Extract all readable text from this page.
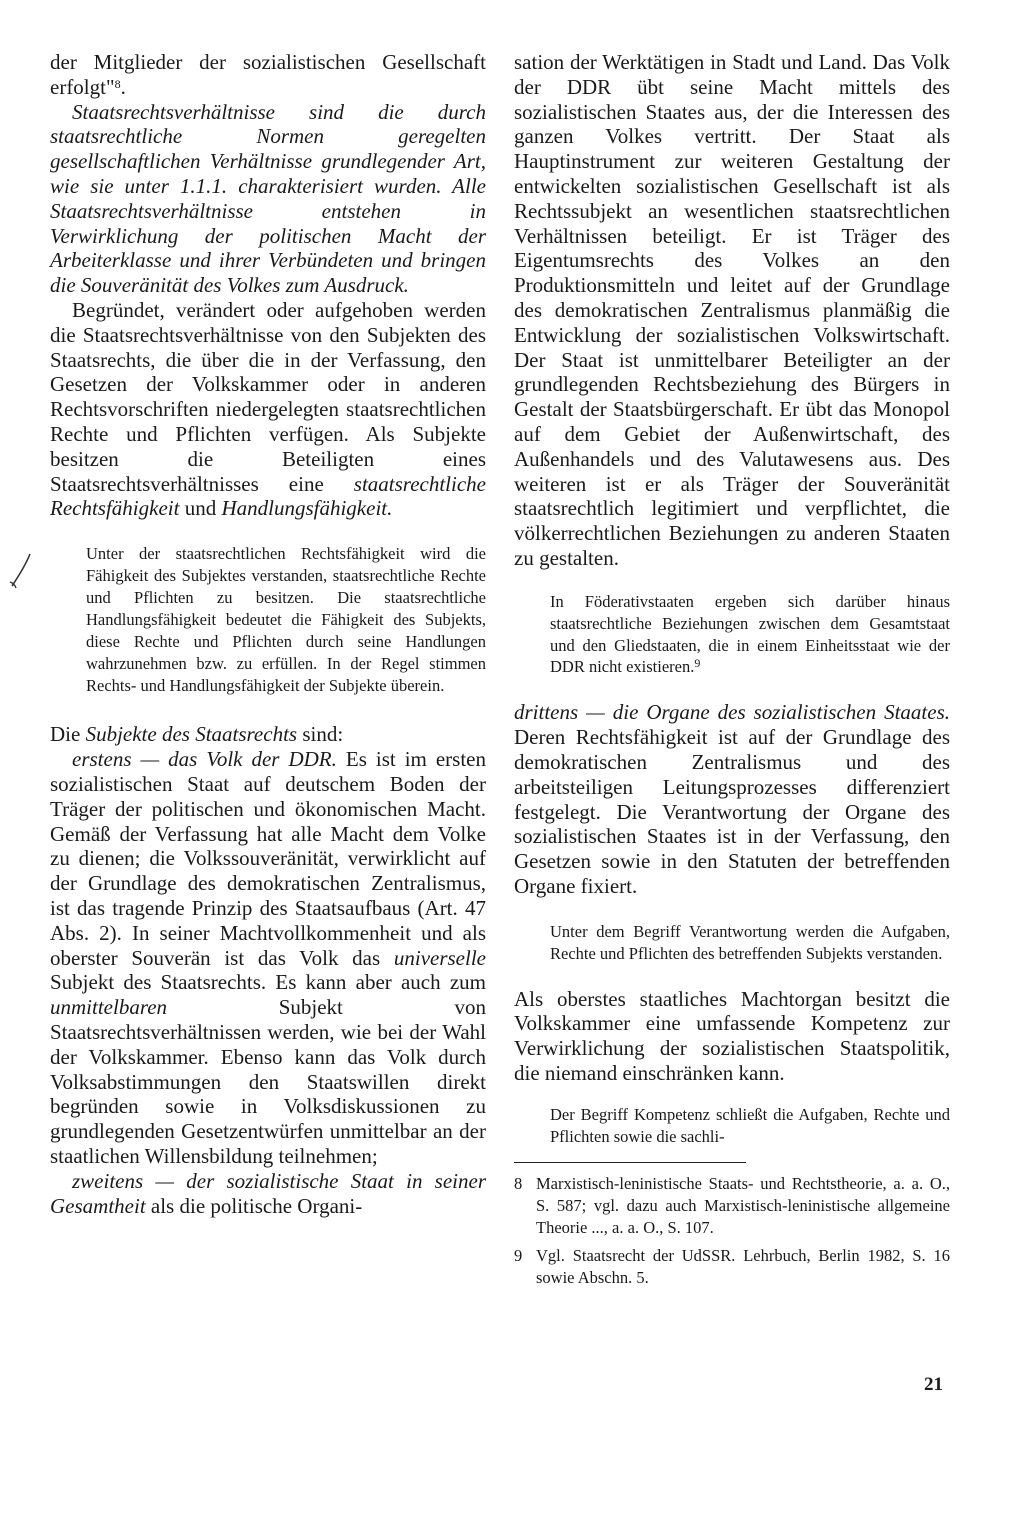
der Mitglieder der sozialistischen Gesellschaft erfolgt"$^8$.

Staatsrechtsverhältnisse sind die durch staatsrechtliche Normen geregelten gesellschaftlichen Verhältnisse grundlegender Art, wie sie unter 1.1.1. charakterisiert wurden. Alle Staatsrechtsverhältnisse entstehen in Verwirklichung der politischen Macht der Arbeiterklasse und ihrer Verbündeten und bringen die Souveränität des Volkes zum Ausdruck.

Begründet, verändert oder aufgehoben werden die Staatsrechtsverhältnisse von den Subjekten des Staatsrechts, die über die in der Verfassung, den Gesetzen der Volkskammer oder in anderen Rechtsvorschriften niedergelegten staatsrechtlichen Rechte und Pflichten verfügen. Als Subjekte besitzen die Beteiligten eines Staatsrechtsverhältnisses eine staatsrechtliche Rechtsfähigkeit und Handlungsfähigkeit.

Unter der staatsrechtlichen Rechtsfähigkeit wird die Fähigkeit des Subjektes verstanden, staatsrechtliche Rechte und Pflichten zu besitzen. Die staatsrechtliche Handlungsfähigkeit bedeutet die Fähigkeit des Subjekts, diese Rechte und Pflichten durch seine Handlungen wahrzunehmen bzw. zu erfüllen. In der Regel stimmen Rechts- und Handlungsfähigkeit der Subjekte überein.

Die Subjekte des Staatsrechts sind:

erstens — das Volk der DDR. Es ist im ersten sozialistischen Staat auf deutschem Boden der Träger der politischen und ökonomischen Macht. Gemäß der Verfassung hat alle Macht dem Volke zu dienen; die Volkssouveränität, verwirklicht auf der Grundlage des demokratischen Zentralismus, ist das tragende Prinzip des Staatsaufbaus (Art. 47 Abs. 2). In seiner Machtvollkommenheit und als oberster Souverän ist das Volk das universelle Subjekt des Staatsrechts. Es kann aber auch zum unmittelbaren Subjekt von Staatsrechtsverhältnissen werden, wie bei der Wahl der Volkskammer. Ebenso kann das Volk durch Volksabstimmungen den Staatswillen direkt begründen sowie in Volksdiskussionen zu grundlegenden Gesetzentwürfen unmittelbar an der staatlichen Willensbildung teilnehmen;

zweitens — der sozialistische Staat in seiner Gesamtheit als die politische Organi-

sation der Werktätigen in Stadt und Land. Das Volk der DDR übt seine Macht mittels des sozialistischen Staates aus, der die Interessen des ganzen Volkes vertritt. Der Staat als Hauptinstrument zur weiteren Gestaltung der entwickelten sozialistischen Gesellschaft ist als Rechtssubjekt an wesentlichen staatsrechtlichen Verhältnissen beteiligt. Er ist Träger des Eigentumsrechts des Volkes an den Produktionsmitteln und leitet auf der Grundlage des demokratischen Zentralismus planmäßig die Entwicklung der sozialistischen Volkswirtschaft. Der Staat ist unmittelbarer Beteiligter an der grundlegenden Rechtsbeziehung des Bürgers in Gestalt der Staatsbürgerschaft. Er übt das Monopol auf dem Gebiet der Außenwirtschaft, des Außenhandels und des Valutawesens aus. Des weiteren ist er als Träger der Souveränität staatsrechtlich legitimiert und verpflichtet, die völkerrechtlichen Beziehungen zu anderen Staaten zu gestalten.

In Föderativstaaten ergeben sich darüber hinaus staatsrechtliche Beziehungen zwischen dem Gesamtstaat und den Gliedstaaten, die in einem Einheitsstaat wie der DDR nicht existieren.$^9$

drittens — die Organe des sozialistischen Staates. Deren Rechtsfähigkeit ist auf der Grundlage des demokratischen Zentralismus und des arbeitsteiligen Leitungsprozesses differenziert festgelegt. Die Verantwortung der Organe des sozialistischen Staates ist in der Verfassung, den Gesetzen sowie in den Statuten der betreffenden Organe fixiert.

Unter dem Begriff Verantwortung werden die Aufgaben, Rechte und Pflichten des betreffenden Subjekts verstanden.

Als oberstes staatliches Machtorgan besitzt die Volkskammer eine umfassende Kompetenz zur Verwirklichung der sozialistischen Staatspolitik, die niemand einschränken kann.

Der Begriff Kompetenz schließt die Aufgaben, Rechte und Pflichten sowie die sachli-

8 Marxistisch-leninistische Staats- und Rechtstheorie, a. a. O., S. 587; vgl. dazu auch Marxistisch-leninistische allgemeine Theorie ..., a. a. O., S. 107.
9 Vgl. Staatsrecht der UdSSR. Lehrbuch, Berlin 1982, S. 16 sowie Abschn. 5.
21
